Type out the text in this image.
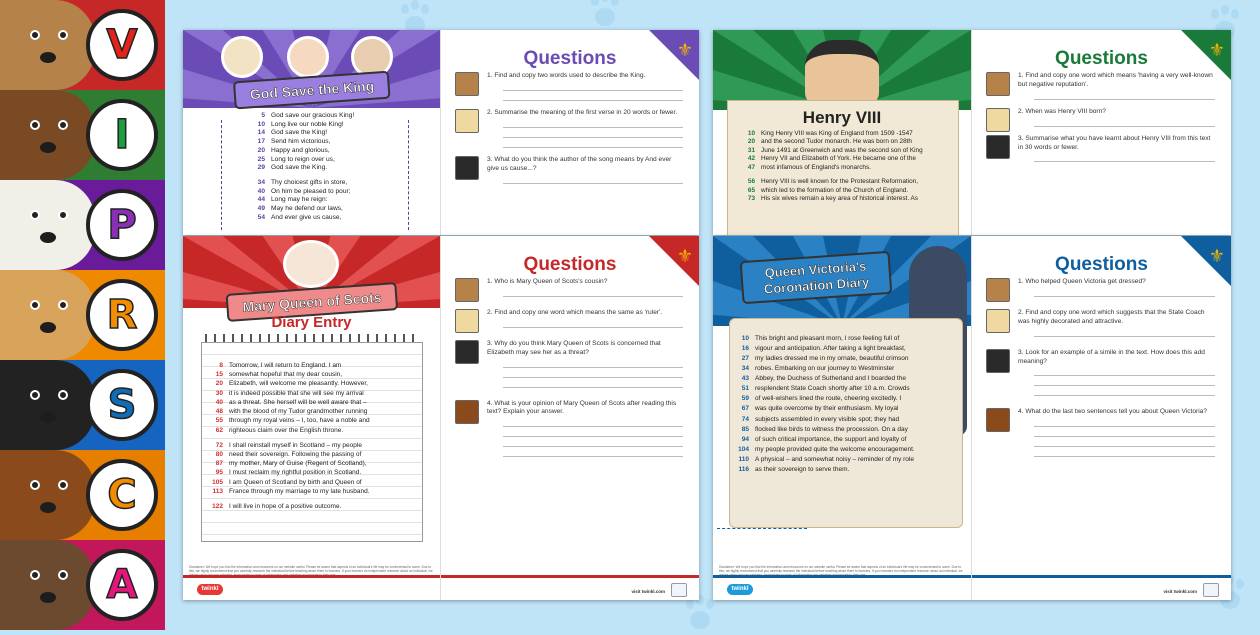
V
I
P
R
S
C
A
God Save the King
5 God save our gracious King!
10 Long live our noble King!
14 God save the King!
17 Send him victorious,
20 Happy and glorious,
25 Long to reign over us,
29 God save the King.
34 Thy choicest gifts in store,
40 On him be pleased to pour;
44 Long may he reign:
49 May he defend our laws,
54 And ever give us cause,
⚜
Questions
1. Find and copy two words used to describe the King.
2. Summarise the meaning of the first verse in 20 words or fewer.
3. What do you think the author of the song means by And ever give us cause...?
Henry VIII
10 King Henry VIII was King of England from 1509 -1547
20 and the second Tudor monarch. He was born on 28th
31 June 1491 at Greenwich and was the second son of King
42 Henry VII and Elizabeth of York. He became one of the
47 most infamous of England's monarchs.
56 Henry VIII is well known for the Protestant Reformation,
65 which led to the formation of the Church of England.
73 His six wives remain a key area of historical interest. As
⚜
Questions
1. Find and copy one word which means 'having a very well-known but negative reputation'.
2. When was Henry VIII born?
3. Summarise what you have learnt about Henry VIII from this text in 30 words or fewer.
Mary Queen of Scots
Diary Entry
8 Tomorrow, I will return to England. I am
15 somewhat hopeful that my dear cousin,
20 Elizabeth, will welcome me pleasantly. However,
30 it is indeed possible that she will see my arrival
40 as a threat. She herself will be well aware that –
48 with the blood of my Tudor grandmother running
55 through my royal veins – I, too, have a noble and
62 righteous claim over the English throne.
72 I shall reinstall myself in Scotland – my people
80 need their sovereign. Following the passing of
87 my mother, Mary of Guise (Regent of Scotland),
95 I must reclaim my rightful position in Scotland.
105 I am Queen of Scotland by birth and Queen of
113 France through my marriage to my late husband.
122 I will live in hope of a positive outcome.
Disclaimer: We hope you find the information and resources on our website useful. Please be aware that aspects of an individual's life may be controversial to some. Due to this, we highly recommend that you carefully research the individual before teaching about them to learners. If your learners do independent research about an individual, we
twinkl
⚜
Questions
1. Who is Mary Queen of Scots's cousin?
2. Find and copy one word which means the same as 'ruler'.
3. Why do you think Mary Queen of Scots is concerned that Elizabeth may see her as a threat?
4. What is your opinion of Mary Queen of Scots after reading this text? Explain your answer.
visit twinkl.com
Queen Victoria's Coronation Diary
10 This bright and pleasant morn, I rose feeling full of
16 vigour and anticipation. After taking a light breakfast,
27 my ladies dressed me in my ornate, beautiful crimson
34 robes. Embarking on our journey to Westminster
43 Abbey, the Duchess of Sutherland and I boarded the
51 resplendent State Coach shortly after 10 a.m. Crowds
59 of well-wishers lined the route, cheering excitedly. I
67 was quite overcome by their enthusiasm. My loyal
74 subjects assembled in every visible spot; they had
85 flocked like birds to witness the procession. On a day
94 of such critical importance, the support and loyalty of
104 my people provided quite the welcome encouragement.
110 A physical – and somewhat noisy – reminder of my role
116 as their sovereign to serve them.
Disclaimer: We hope you find the information and resources on our website useful. Please be aware that aspects of an individual's life may be controversial to some. Due to this, we highly recommend that you carefully research the individual before teaching about them to learners. If your learners do independent research about an individual, we
twinkl
⚜
Questions
1. Who helped Queen Victoria get dressed?
2. Find and copy one word which suggests that the State Coach was highly decorated and attractive.
3. Look for an example of a simile in the text. How does this add meaning?
4. What do the last two sentences tell you about Queen Victoria?
visit twinkl.com
